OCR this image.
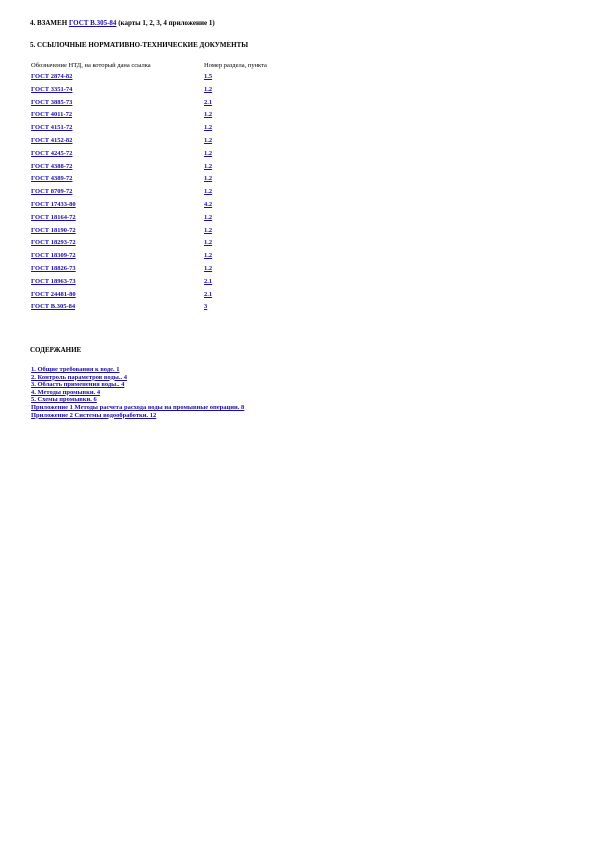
4. ВЗАМЕН ГОСТ В.305-84 (карты 1, 2, 3, 4 приложение 1)
5. ССЫЛОЧНЫЕ НОРМАТИВНО-ТЕХНИЧЕСКИЕ ДОКУМЕНТЫ
Обозначение НТД, на который дана ссылка	Номер раздела, пункта
ГОСТ 2874-82	1.5
ГОСТ 3351-74	1.2
ГОСТ 3885-73	2.1
ГОСТ 4011-72	1.2
ГОСТ 4151-72	1.2
ГОСТ 4152-82	1.2
ГОСТ 4245-72	1.2
ГОСТ 4388-72	1.2
ГОСТ 4389-72	1.2
ГОСТ 8709-72	1.2
ГОСТ 17433-80	4.2
ГОСТ 18164-72	1.2
ГОСТ 18190-72	1.2
ГОСТ 18293-72	1.2
ГОСТ 18309-72	1.2
ГОСТ 18826-73	1.2
ГОСТ 18963-73	2.1
ГОСТ 24481-80	2.1
ГОСТ В.305-84	3
СОДЕРЖАНИЕ
1. Общие требования к воде. 1
2. Контроль параметров воды.. 4
3. Область применения воды.. 4
4. Методы промывки. 4
5. Схемы промывки. 6
Приложение 1 Методы расчета расхода воды на промывные операции. 8
Приложение 2 Системы водообработки. 12
